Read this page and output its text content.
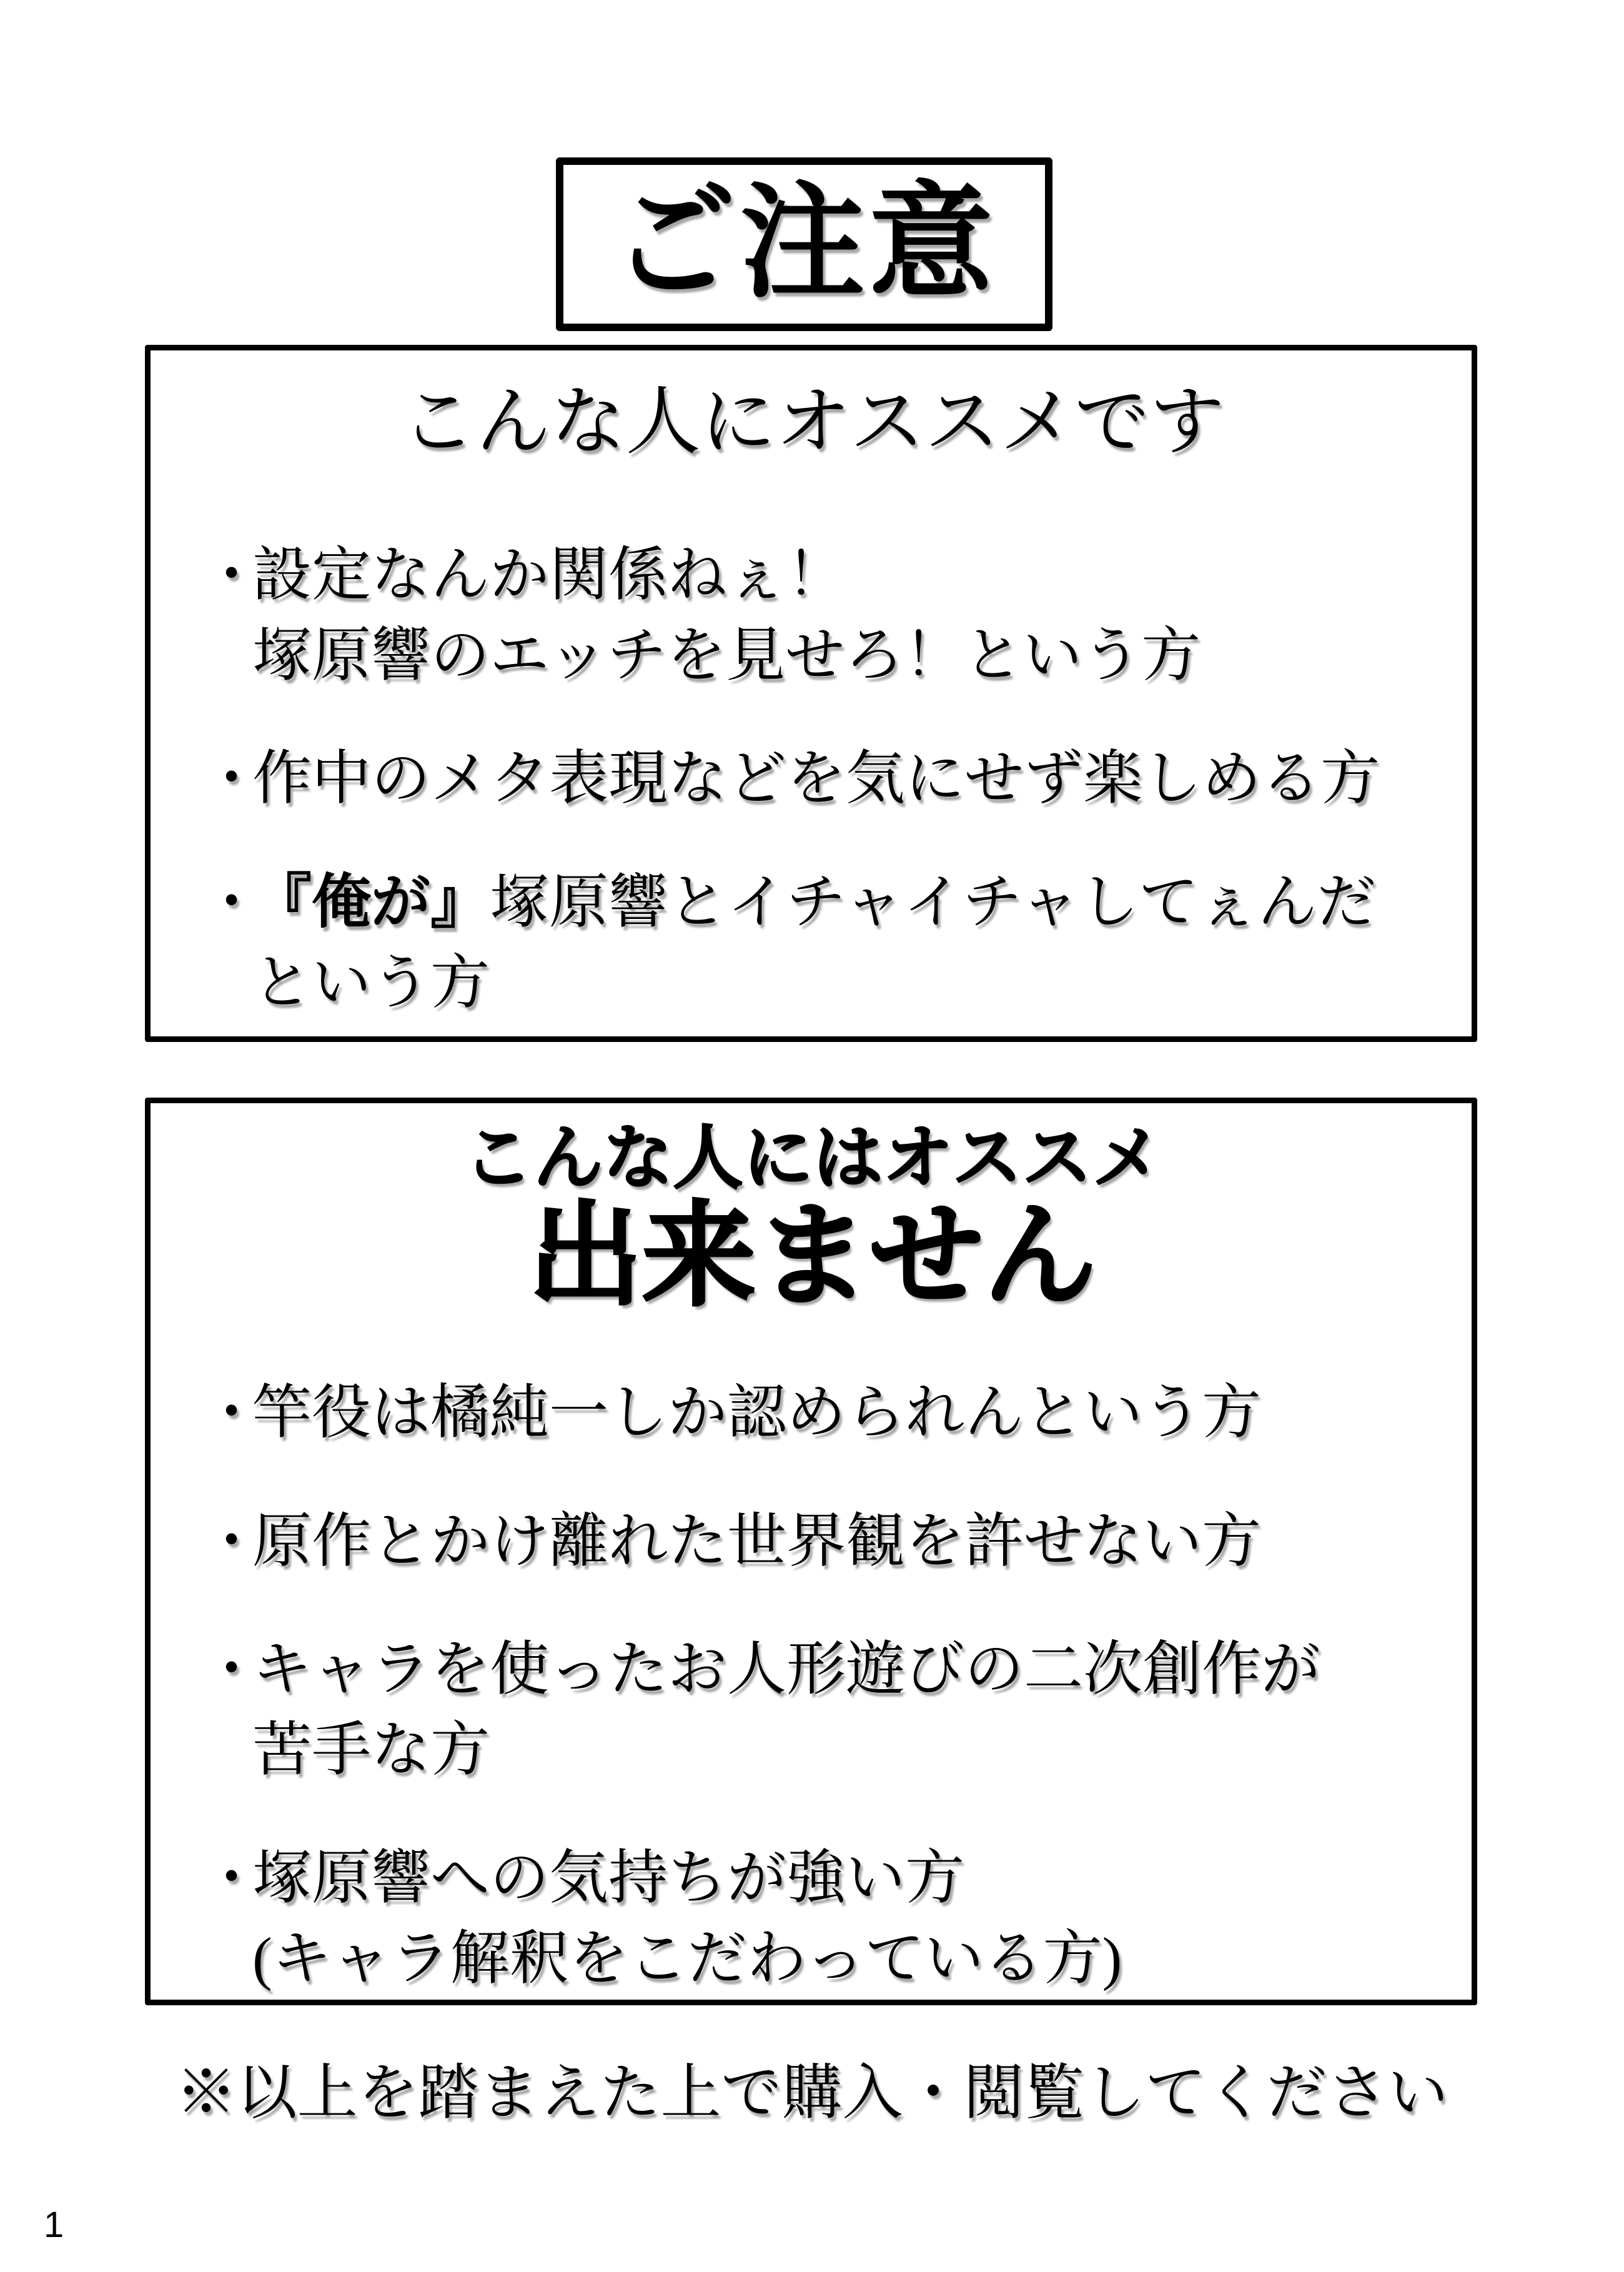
ご注意
こんな人にオススメです
・
設定なんか関係ねぇ！
塚原響のエッチを見せろ！という方
・
作中のメタ表現などを気にせず楽しめる方
・
『俺が』塚原響とイチャイチャしてぇんだ
という方
こんな人にはオススメ
出来ません
・
竿役は橘純一しか認められんという方
・
原作とかけ離れた世界観を許せない方
・
キャラを使ったお人形遊びの二次創作が
苦手な方
・
塚原響への気持ちが強い方
(キャラ解釈をこだわっている方)
※以上を踏まえた上で購入・閲覧してください
1
